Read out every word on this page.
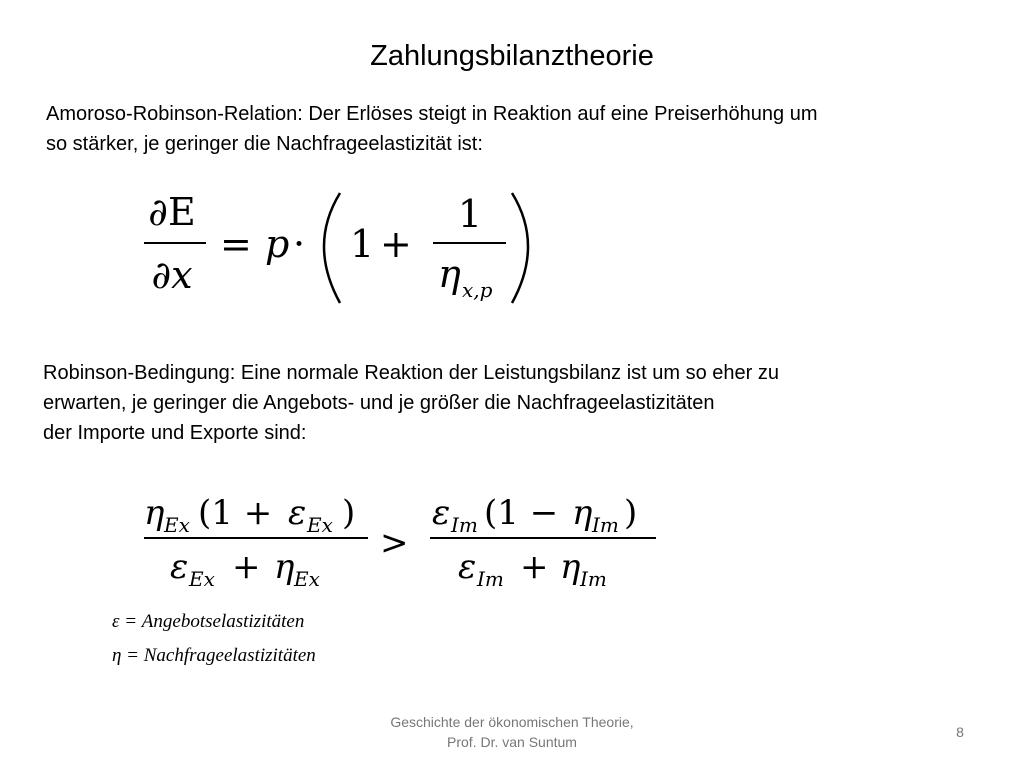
Zahlungsbilanztheorie
Amoroso-Robinson-Relation: Der Erlöses steigt in Reaktion auf eine Preiserhöhung um
so stärker, je geringer die Nachfrageelastizität ist:
∂E
∂x
= p · 1 +
1
η x,p
Robinson-Bedingung: Eine normale Reaktion der Leistungsbilanz ist um so eher zu
erwarten, je geringer die Angebots- und je größer die Nachfrageelastizitäten
der Importe und Exporte sind:
η Ex (1 + ε Ex )
ε Ex + η Ex
>
ε Im (1 − η Im )
ε Im + η Im
ε = Angebotselastizitäten
η = Nachfrageelastizitäten
Geschichte der ökonomischen Theorie,
Prof. Dr. van Suntum
8
